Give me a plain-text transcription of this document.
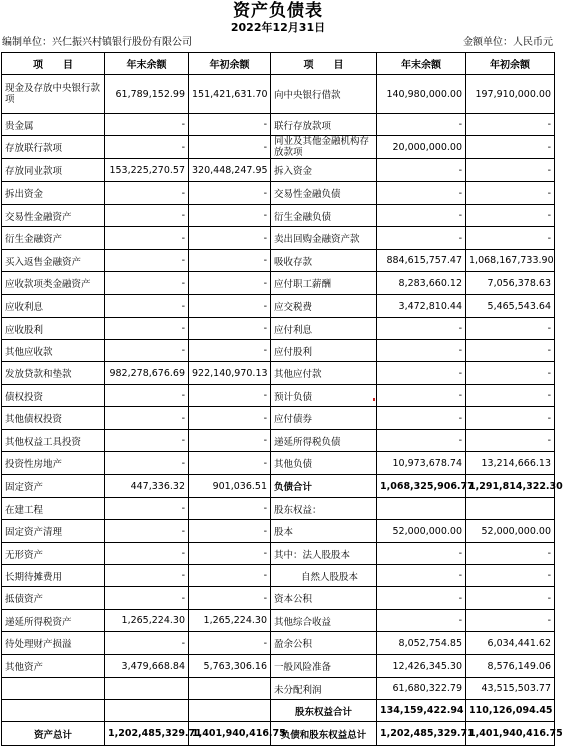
资产负债表
2022年12月31日
编制单位：兴仁振兴村镇银行股份有限公司	金额单位：人民币元
项　　目	年末余额	年初余额	项　　目	年末余额	年初余额
现金及存放中央银行款项	61,789,152.99	151,421,631.70	向中央银行借款	140,980,000.00	197,910,000.00
贵金属	-	-	联行存放款项	-	-
存放联行款项	-	-	同业及其他金融机构存放款项	20,000,000.00	-
存放同业款项	153,225,270.57	320,448,247.95	拆入资金	-	-
拆出资金	-	-	交易性金融负债	-	-
交易性金融资产	-	-	衍生金融负债	-	-
衍生金融资产	-	-	卖出回购金融资产款	-	-
买入返售金融资产	-	-	吸收存款	884,615,757.47	1,068,167,733.90
应收款项类金融资产	-	-	应付职工薪酬	8,283,660.12	7,056,378.63
应收利息	-	-	应交税费	3,472,810.44	5,465,543.64
应收股利	-	-	应付利息	-	-
其他应收款	-	-	应付股利	-	-
发放贷款和垫款	982,278,676.69	922,140,970.13	其他应付款	-	-
债权投资	-	-	预计负债	-	-
其他债权投资	-	-	应付债券	-	-
其他权益工具投资	-	-	递延所得税负债	-	-
投资性房地产	-	-	其他负债	10,973,678.74	13,214,666.13
固定资产	447,336.32	901,036.51	负债合计	1,068,325,906.77	1,291,814,322.30
在建工程	-	-	股东权益：		
固定资产清理	-	-	股本	52,000,000.00	52,000,000.00
无形资产	-	-	其中：法人股股本	-	-
长期待摊费用	-	-	自然人股股本	-	-
抵债资产	-	-	资本公积	-	-
递延所得税资产	1,265,224.30	1,265,224.30	其他综合收益	-	-
待处理财产损溢	-	-	盈余公积	8,052,754.85	6,034,441.62
其他资产	3,479,668.84	5,763,306.16	一般风险准备	12,426,345.30	8,576,149.06
			未分配利润	61,680,322.79	43,515,503.77
			股东权益合计	134,159,422.94	110,126,094.45
资产总计	1,202,485,329.71	1,401,940,416.75	负债和股东权益总计	1,202,485,329.71	1,401,940,416.75
